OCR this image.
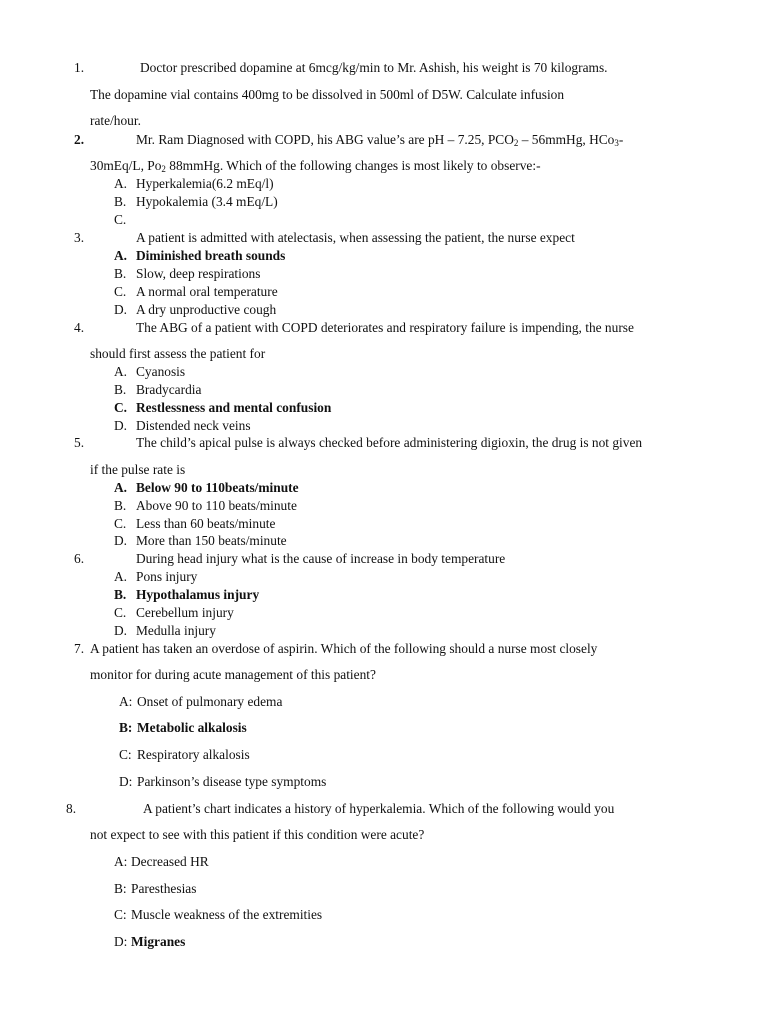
1.	Doctor prescribed dopamine at 6mcg/kg/min to Mr. Ashish, his weight is 70 kilograms.
The dopamine vial contains 400mg to be dissolved in 500ml of D5W. Calculate infusion
rate/hour.
2.	Mr. Ram Diagnosed with COPD, his ABG value’s are pH – 7.25, $PCO_2$ – 56mmHg, HCo$_3$-
30mEq/L, $Po_2$ 88mmHg. Which of the following changes is most likely to observe:-
A. Hyperkalemia(6.2 mEq/l)
B. Hypokalemia (3.4 mEq/L)
C.
3.	A patient is admitted with atelectasis, when assessing the patient, the nurse expect
A. Diminished breath sounds
B. Slow, deep respirations
C. A normal oral temperature
D. A dry unproductive cough
4.	The ABG of a patient with COPD deteriorates and respiratory failure is impending, the nurse
should first assess the patient for
A. Cyanosis
B. Bradycardia
C. Restlessness and mental confusion
D. Distended neck veins
5.	The child’s apical pulse is always checked before administering digioxin, the drug is not given
if the pulse rate is
A. Below 90 to 110beats/minute
B. Above 90 to 110 beats/minute
C. Less than 60 beats/minute
D. More than 150 beats/minute
6.	During head injury what is the cause of increase in body temperature
A. Pons injury
B. Hypothalamus injury
C. Cerebellum injury
D. Medulla injury
7. A patient has taken an overdose of aspirin. Which of the following should a nurse most closely
monitor for during acute management of this patient?
A: Onset of pulmonary edema
B: Metabolic alkalosis
C: Respiratory alkalosis
D: Parkinson’s disease type symptoms
8.	A patient’s chart indicates a history of hyperkalemia. Which of the following would you
not expect to see with this patient if this condition were acute?
A: Decreased HR
B: Paresthesias
C: Muscle weakness of the extremities
D: Migranes
